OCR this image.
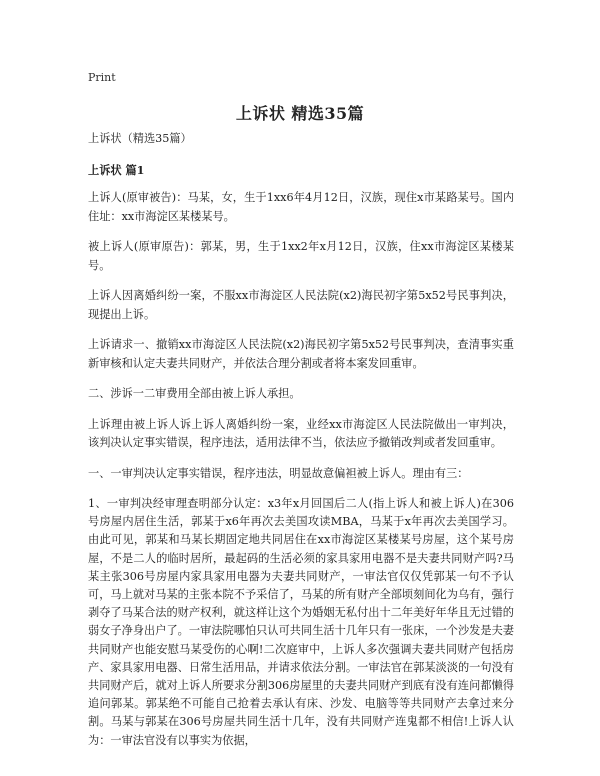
Print
上诉状 精选35篇

上诉状（精选35篇）

上诉状 篇1

上诉人(原审被告)：马某，女，生于1xx6年4月12日，汉族，现住x市某路某号。国内住址：xx市海淀区某楼某号。

被上诉人(原审原告)：郭某，男，生于1xx2年x月12日，汉族，住xx市海淀区某楼某号。

上诉人因离婚纠纷一案，不服xx市海淀区人民法院(x2)海民初字第5x52号民事判决，现提出上诉。

上诉请求一、撤销xx市海淀区人民法院(x2)海民初字第5x52号民事判决，查清事实重新审核和认定夫妻共同财产，并依法合理分割或者将本案发回重审。

二、涉诉一二审费用全部由被上诉人承担。

上诉理由被上诉人诉上诉人离婚纠纷一案，业经xx市海淀区人民法院做出一审判决，该判决认定事实错误，程序违法，适用法律不当，依法应予撤销改判或者发回重审。

一、一审判决认定事实错误，程序违法，明显故意偏袒被上诉人。理由有三：

1、一审判决经审理查明部分认定：x3年x月回国后二人(指上诉人和被上诉人)在306号房屋内居住生活，郭某于x6年再次去美国攻读MBA，马某于x年再次去美国学习。由此可见，郭某和马某长期固定地共同居住在xx市海淀区某楼某号房屋，这个某号房屋，不是二人的临时居所，最起码的生活必须的家具家用电器不是夫妻共同财产吗?马某主张306号房屋内家具家用电器为夫妻共同财产，一审法官仅仅凭郭某一句不予认可，马上就对马某的主张本院不予采信了，马某的所有财产全部顷刻间化为乌有，强行剥夺了马某合法的财产权利，就这样让这个为婚姻无私付出十二年美好年华且无过错的弱女子净身出户了。一审法院哪怕只认可共同生活十几年只有一张床，一个沙发是夫妻共同财产也能安慰马某受伤的心啊!二次庭审中，上诉人多次强调夫妻共同财产包括房产、家具家用电器、日常生活用品，并请求依法分割。一审法官在郭某淡淡的一句没有共同财产后，就对上诉人所要求分割306房屋里的夫妻共同财产到底有没有连问都懒得追问郭某。郭某绝不可能自己抢着去承认有床、沙发、电脑等等共同财产去拿过来分割。马某与郭某在306号房屋共同生活十几年，没有共同财产连鬼都不相信!上诉人认为：一审法官没有以事实为依据，
